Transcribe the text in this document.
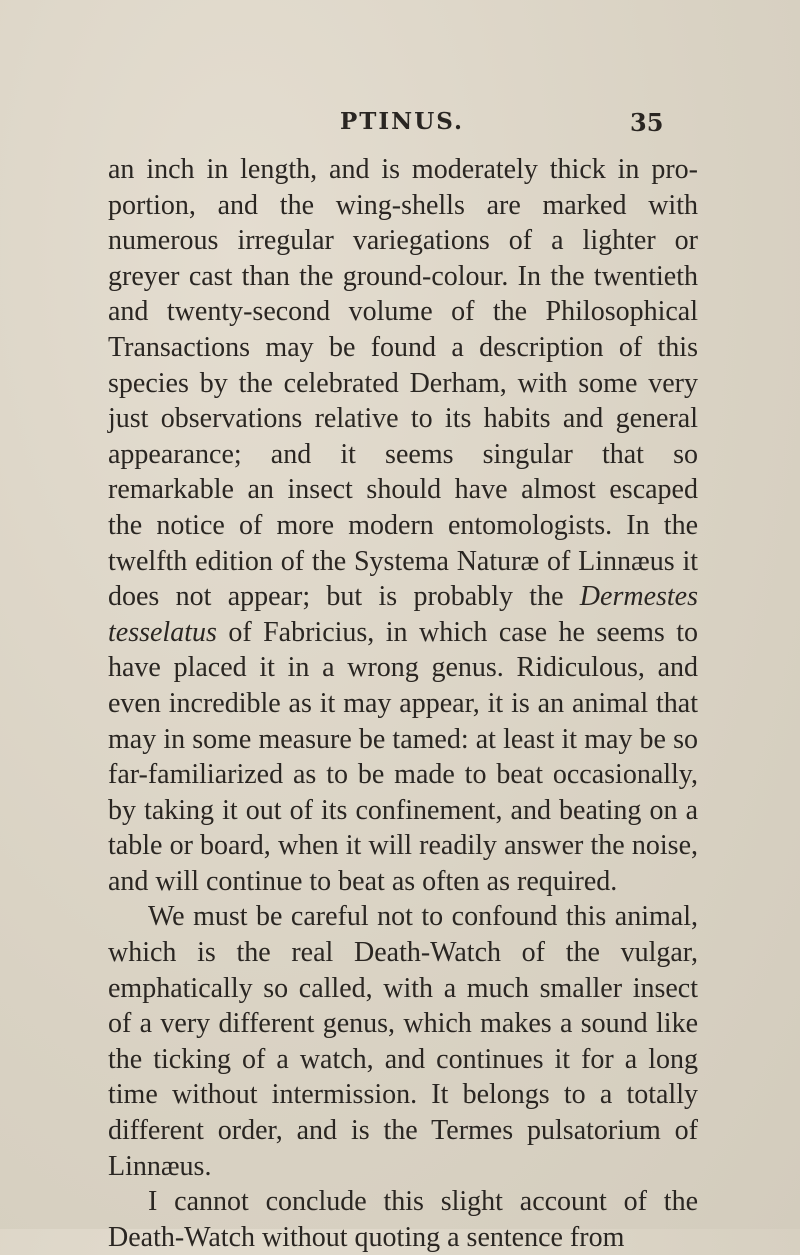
PTINUS.	35

an inch in length, and is moderately thick in proportion, and the wing-shells are marked with numerous irregular variegations of a lighter or greyer cast than the ground-colour. In the twentieth and twenty-second volume of the Philosophical Transactions may be found a description of this species by the celebrated Derham, with some very just observations relative to its habits and general appearance; and it seems singular that so remarkable an insect should have almost escaped the notice of more modern entomologists. In the twelfth edition of the Systema Naturæ of Linnæus it does not appear; but is probably the Dermestes tesselatus of Fabricius, in which case he seems to have placed it in a wrong genus. Ridiculous, and even incredible as it may appear, it is an animal that may in some measure be tamed: at least it may be so far-familiarized as to be made to beat occasionally, by taking it out of its confinement, and beating on a table or board, when it will readily answer the noise, and will continue to beat as often as required.

We must be careful not to confound this animal, which is the real Death-Watch of the vulgar, emphatically so called, with a much smaller insect of a very different genus, which makes a sound like the ticking of a watch, and continues it for a long time without intermission. It belongs to a totally different order, and is the Termes pulsatorium of Linnæus.

I cannot conclude this slight account of the Death-Watch without quoting a sentence from
